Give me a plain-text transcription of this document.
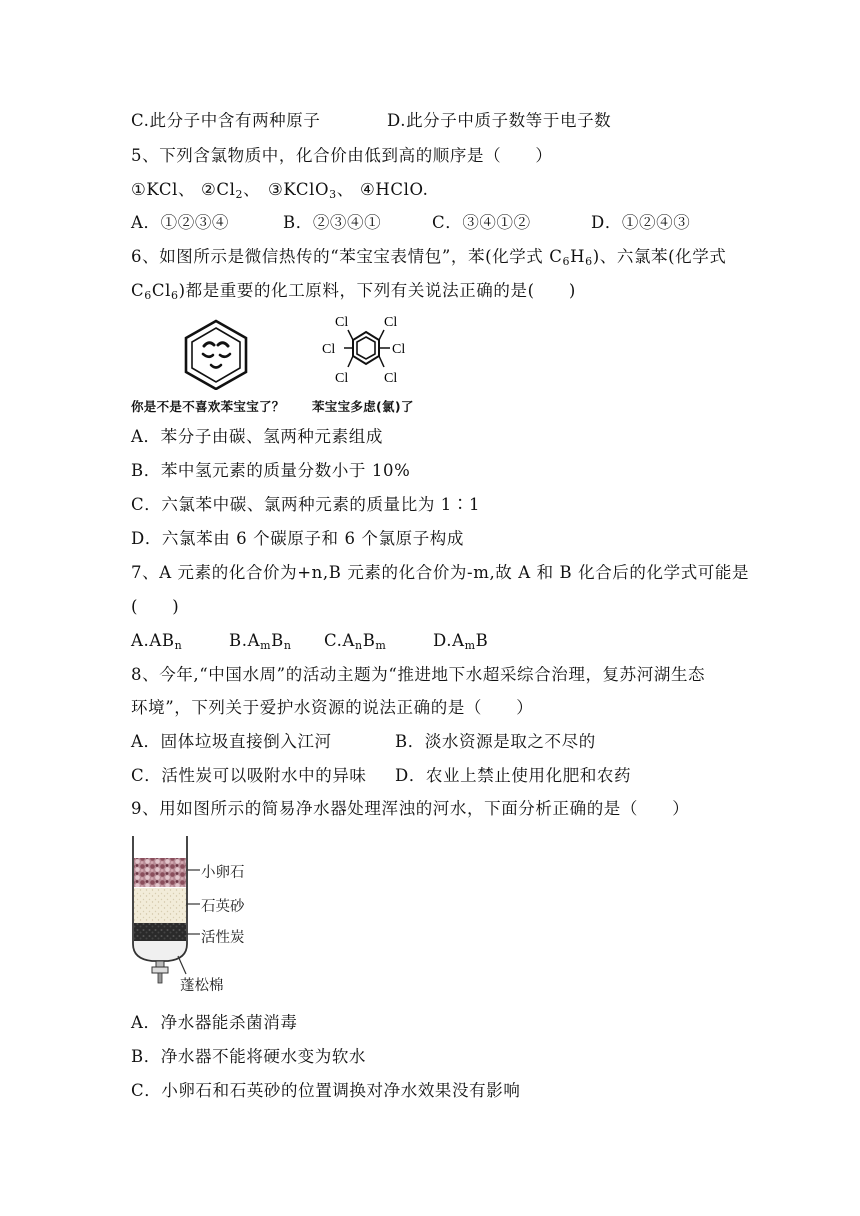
C.此分子中含有两种原子	D.此分子中质子数等于电子数
5、下列含氯物质中，化合价由低到高的顺序是（　　）
①KCl、 $②Cl_2$、 ③KClO$_3$、 ④HClO.
A．①②③④	B．②③④①	C．③④①②	D．①②④③
6、如图所示是微信热传的“苯宝宝表情包”，苯(化学式 $C_6H_6$)、六氯苯(化学式
$C_6Cl_6$)都是重要的化工原料，下列有关说法正确的是(　　)
Cl	Cl
Cl	Cl
Cl	Cl
你是不是不喜欢苯宝宝了？ 苯宝宝多虑(氯)了
A．苯分子由碳、氢两种元素组成
B．苯中氢元素的质量分数小于 10%
C．六氯苯中碳、氯两种元素的质量比为 1∶1
D．六氯苯由 6 个碳原子和 6 个氯原子构成
7、A 元素的化合价为+n,B 元素的化合价为-m,故 A 和 B 化合后的化学式可能是
(　　)
$A.AB_n$	$B.A_mB_n$ $C.A_nB_m$	$D.A_mB$
8、今年,“中国水周”的活动主题为“推进地下水超采综合治理，复苏河湖生态
环境”，下列关于爱护水资源的说法正确的是（　　）
A．固体垃圾直接倒入江河	B．淡水资源是取之不尽的
C．活性炭可以吸附水中的异味 D．农业上禁止使用化肥和农药
9、用如图所示的简易净水器处理浑浊的河水，下面分析正确的是（　　）
小卵石
石英砂
活性炭
蓬松棉
A．净水器能杀菌消毒
B．净水器不能将硬水变为软水
C．小卵石和石英砂的位置调换对净水效果没有影响
